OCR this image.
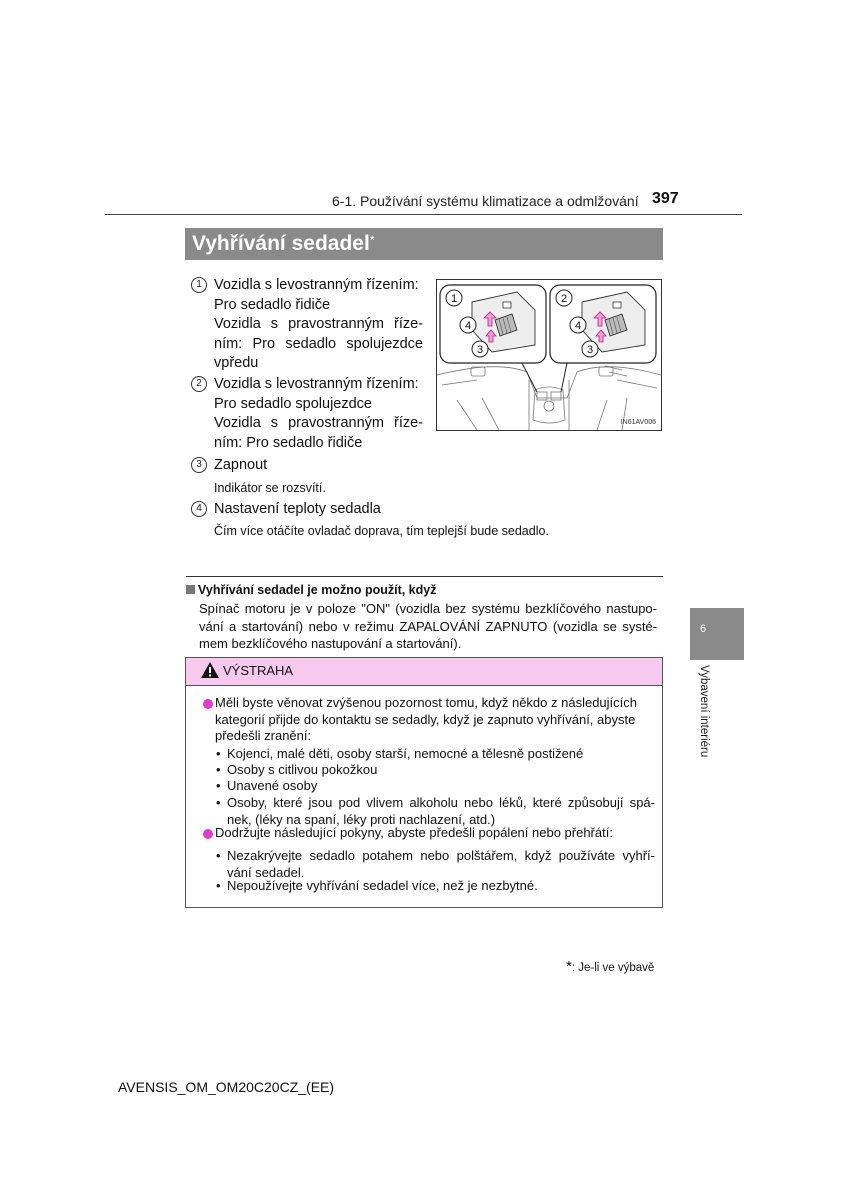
6-1. Používání systému klimatizace a odmlžování 397
Vyhřívání sedadel*
1 Vozidla s levostranným řízením:
Pro sedadlo řidiče
Vozidla s pravostranným říze-
ním: Pro sedadlo spolujezdce
vpředu
2 Vozidla s levostranným řízením:
Pro sedadlo spolujezdce
Vozidla s pravostranným říze-
ním: Pro sedadlo řidiče
3 Zapnout
Indikátor se rozsvítí.
4 Nastavení teploty sedadla
Čím více otáčíte ovladač doprava, tím teplejší bude sedadlo.
1
4
3
2
4
3
IN61AV006
Vyhřívání sedadel je možno použít, když
Spínač motoru je v poloze "ON" (vozidla bez systému bezklíčového nastupo-
vání a startování) nebo v režimu ZAPALOVÁNÍ ZAPNUTO (vozidla se systé-
mem bezklíčového nastupování a startování).
VÝSTRAHA
Měli byste věnovat zvýšenou pozornost tomu, když někdo z následujících
kategorií přijde do kontaktu se sedadly, když je zapnuto vyhřívání, abyste
předešli zranění:
• Kojenci, malé děti, osoby starší, nemocné a tělesně postižené
• Osoby s citlivou pokožkou
• Unavené osoby
• Osoby, které jsou pod vlivem alkoholu nebo léků, které způsobují spá-
nek, (léky na spaní, léky proti nachlazení, atd.)
Dodržujte následující pokyny, abyste předešli popálení nebo přehřátí:
• Nezakrývejte sedadlo potahem nebo polštářem, když používáte vyhří-
vání sedadel.
• Nepoužívejte vyhřívání sedadel více, než je nezbytné.
6
Vybavení interiéru
*: Je-li ve výbavě
AVENSIS_OM_OM20C20CZ_(EE)
